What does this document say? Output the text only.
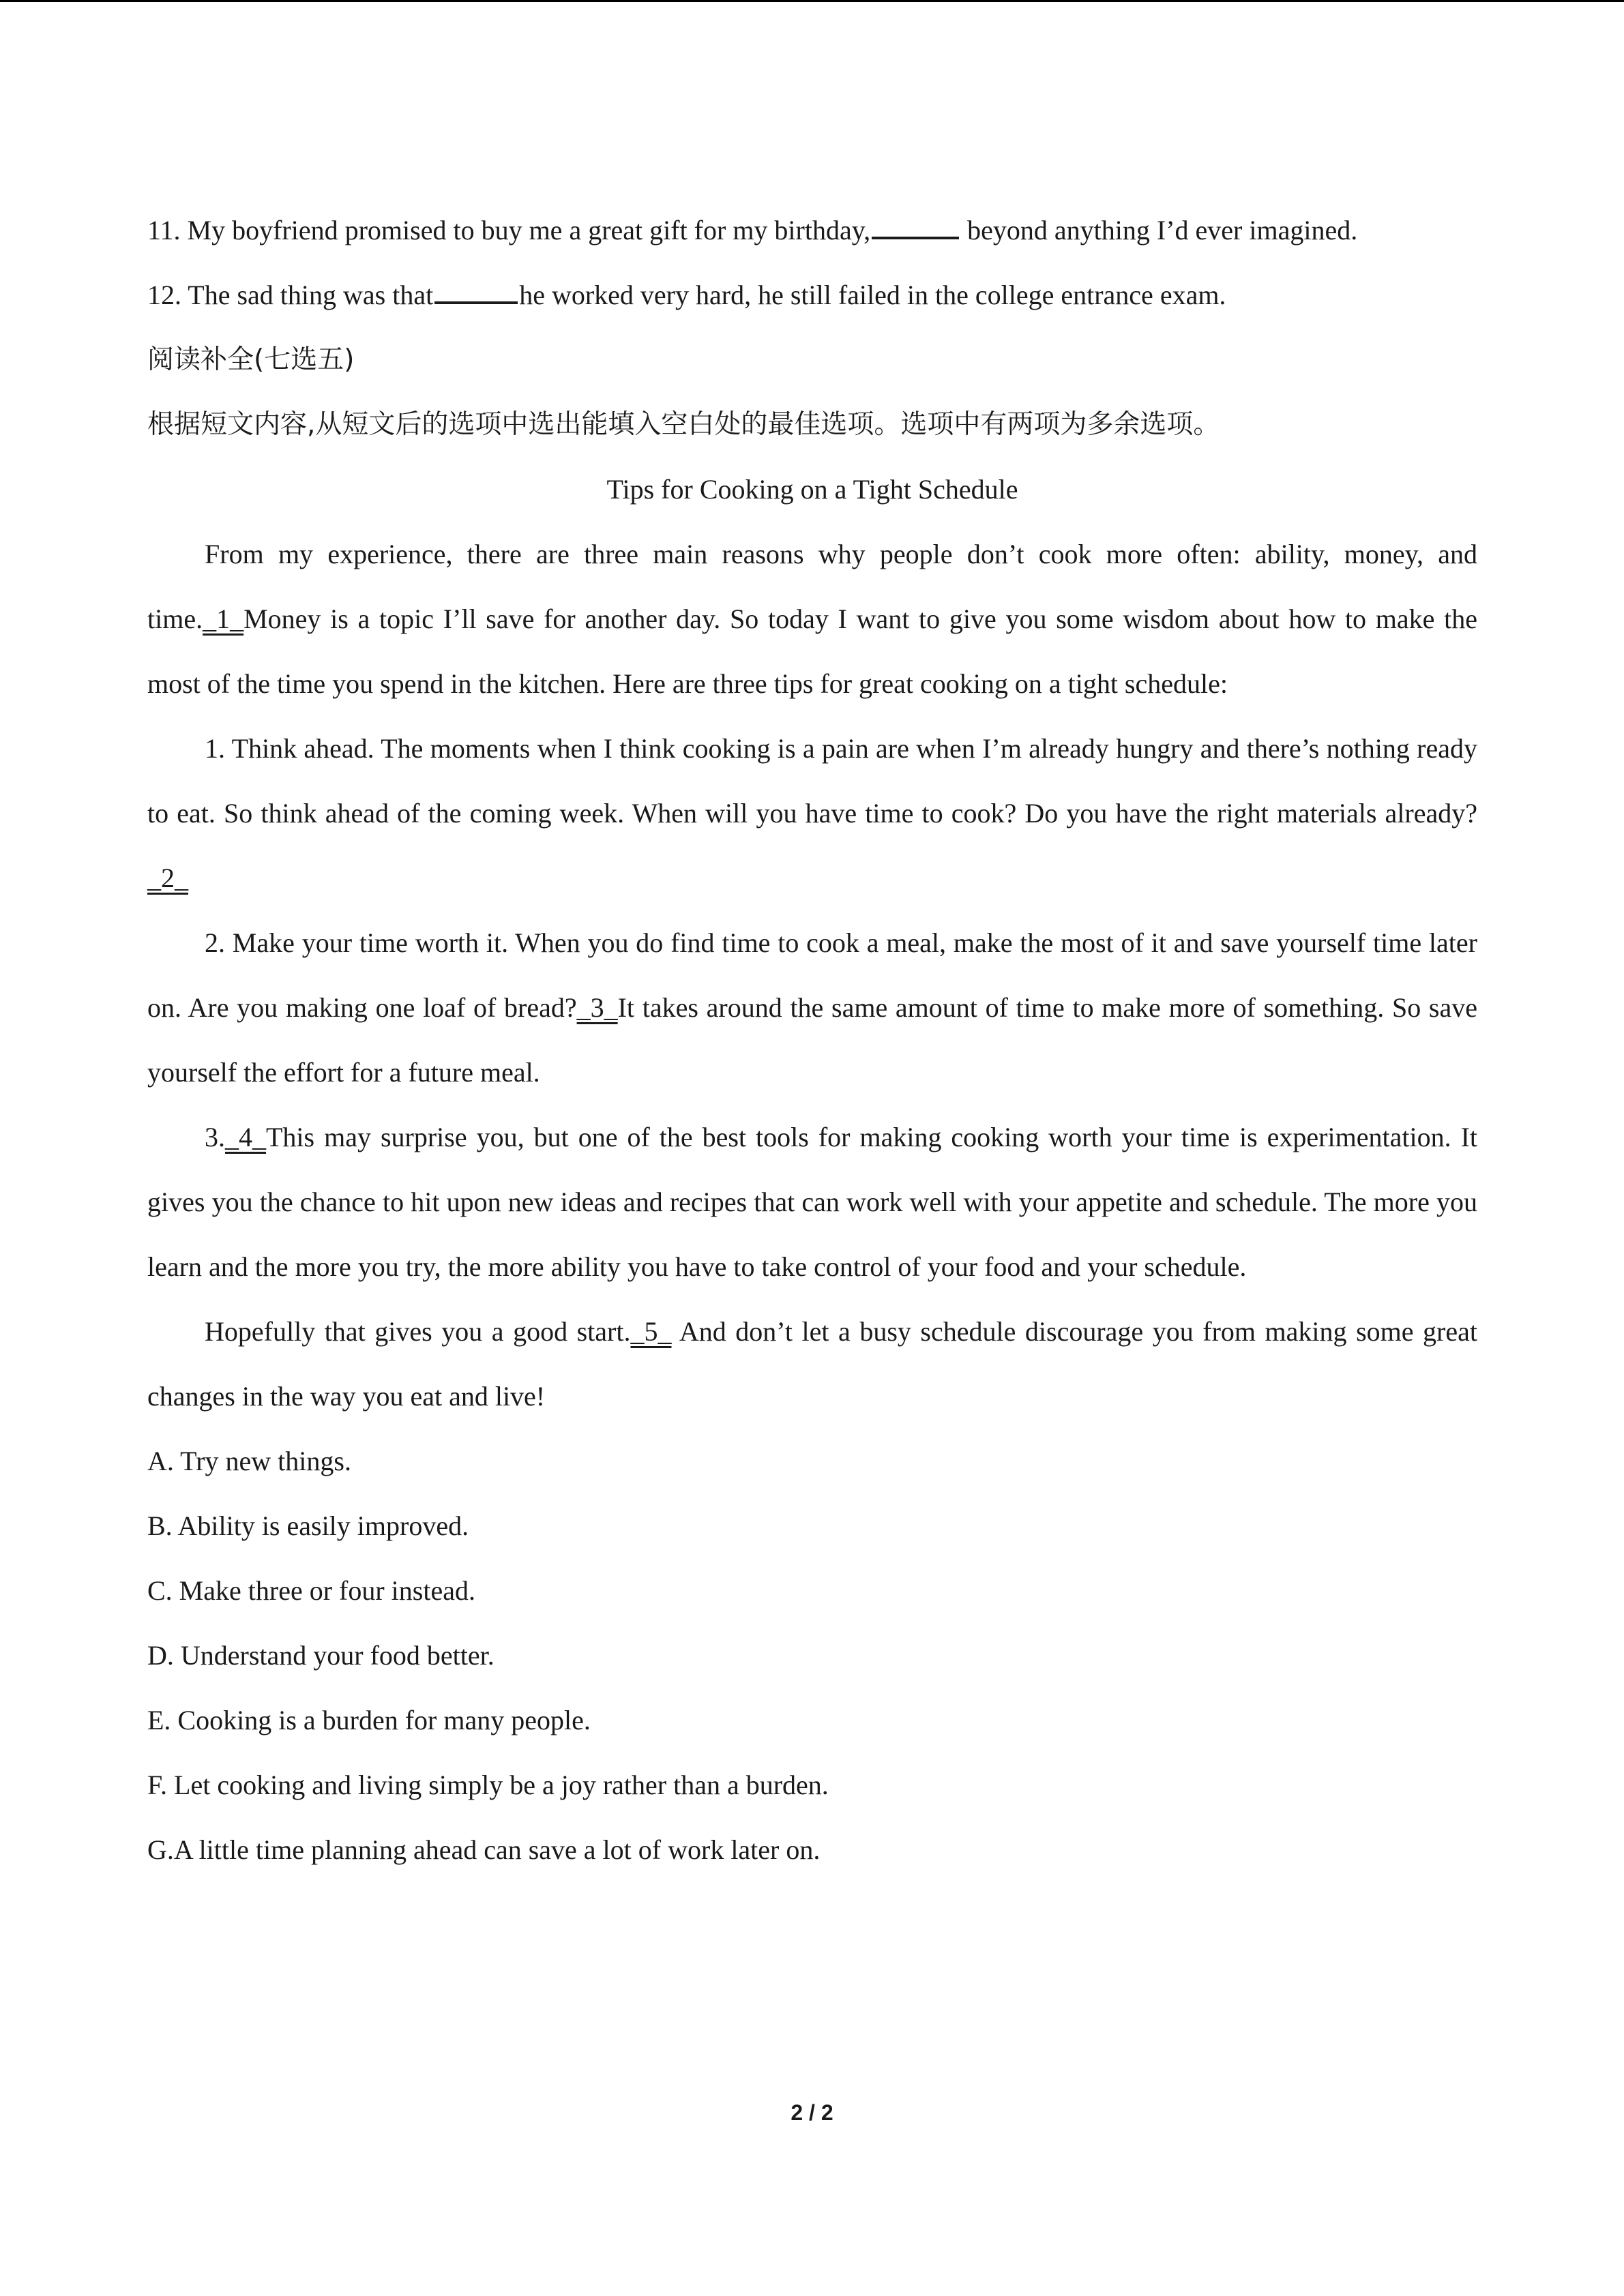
11. My boyfriend promised to buy me a great gift for my birthday,	beyond anything I’d ever imagined.
12. The sad thing was that	he worked very hard, he still failed in the college entrance exam.
阅读补全(七选五)
根据短文内容,从短文后的选项中选出能填入空白处的最佳选项。选项中有两项为多余选项。
Tips for Cooking on a Tight Schedule
From my experience, there are three main reasons why people don’t cook more often: ability, money, and time._1_Money is a topic I’ll save for another day. So today I want to give you some wisdom about how to make the most of the time you spend in the kitchen. Here are three tips for great cooking on a tight schedule:
1. Think ahead. The moments when I think cooking is a pain are when I’m already hungry and there’s nothing ready to eat. So think ahead of the coming week. When will you have time to cook? Do you have the right materials already?_2_
2. Make your time worth it. When you do find time to cook a meal, make the most of it and save yourself time later on. Are you making one loaf of bread?_3_It takes around the same amount of time to make more of something. So save yourself the effort for a future meal.
3._4_This may surprise you, but one of the best tools for making cooking worth your time is experimentation. It gives you the chance to hit upon new ideas and recipes that can work well with your appetite and schedule. The more you learn and the more you try, the more ability you have to take control of your food and your schedule.
Hopefully that gives you a good start._5_ And don’t let a busy schedule discourage you from making some great changes in the way you eat and live!
A. Try new things.
B. Ability is easily improved.
C. Make three or four instead.
D. Understand your food better.
E. Cooking is a burden for many people.
F. Let cooking and living simply be a joy rather than a burden.
G.A little time planning ahead can save a lot of work later on.
2 / 2
